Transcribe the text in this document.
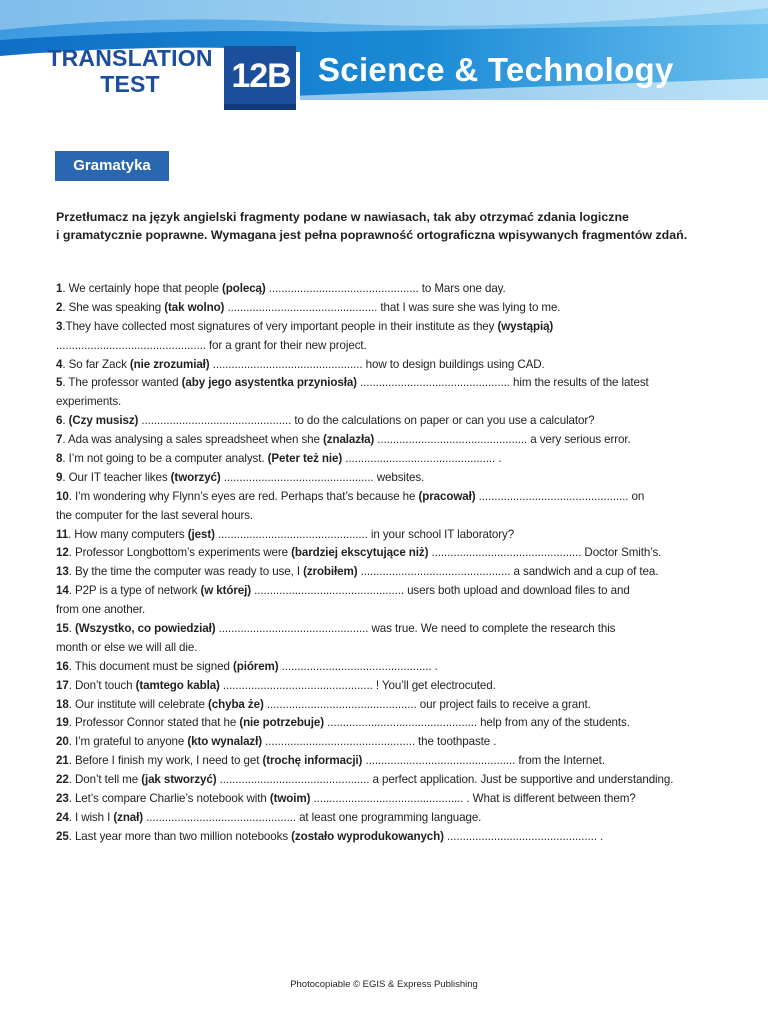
TRANSLATION
TEST	12B Science & Technology
Gramatyka
Przetłumacz na język angielski fragmenty podane w nawiasach, tak aby otrzymać zdania logiczne
i gramatycznie poprawne. Wymagana jest pełna poprawność ortograficzna wpisywanych fragmentów zdań.
1. We certainly hope that people (polecą) ................................................ to Mars one day.
2. She was speaking (tak wolno) ................................................ that I was sure she was lying to me.
3.They have collected most signatures of very important people in their institute as they (wystąpią)
................................................ for a grant for their new project.
4. So far Zack (nie zrozumiał) ................................................ how to design buildings using CAD.
5. The professor wanted (aby jego asystentka przyniosła) ................................................ him the results of the latest
experiments.
6. (Czy musisz) ................................................ to do the calculations on paper or can you use a calculator?
7. Ada was analysing a sales spreadsheet when she (znalazła) ................................................ a very serious error.
8. I’m not going to be a computer analyst. (Peter też nie) ................................................ .
9. Our IT teacher likes (tworzyć) ................................................ websites.
10. I’m wondering why Flynn’s eyes are red. Perhaps that’s because he (pracował) ................................................ on
the computer for the last several hours.
11. How many computers (jest) ................................................ in your school IT laboratory?
12. Professor Longbottom’s experiments were (bardziej ekscytujące niż) ................................................ Doctor Smith’s.
13. By the time the computer was ready to use, I (zrobiłem) ................................................ a sandwich and a cup of tea.
14. P2P is a type of network (w której) ................................................ users both upload and download files to and
from one another.
15. (Wszystko, co powiedział) ................................................ was true. We need to complete the research this
month or else we will all die.
16. This document must be signed (piórem) ................................................ .
17. Don’t touch (tamtego kabla) ................................................ ! You’ll get electrocuted.
18. Our institute will celebrate (chyba że) ................................................ our project fails to receive a grant.
19. Professor Connor stated that he (nie potrzebuje) ................................................ help from any of the students.
20. I’m grateful to anyone (kto wynalazł) ................................................ the toothpaste .
21. Before I finish my work, I need to get (trochę informacji) ................................................ from the Internet.
22. Don’t tell me (jak stworzyć) ................................................ a perfect application. Just be supportive and understanding.
23. Let’s compare Charlie’s notebook with (twoim) ................................................ . What is different between them?
24. I wish I (znał) ................................................ at least one programming language.
25. Last year more than two million notebooks (zostało wyprodukowanych) ................................................ .
Photocopiable © EGIS & Express Publishing
